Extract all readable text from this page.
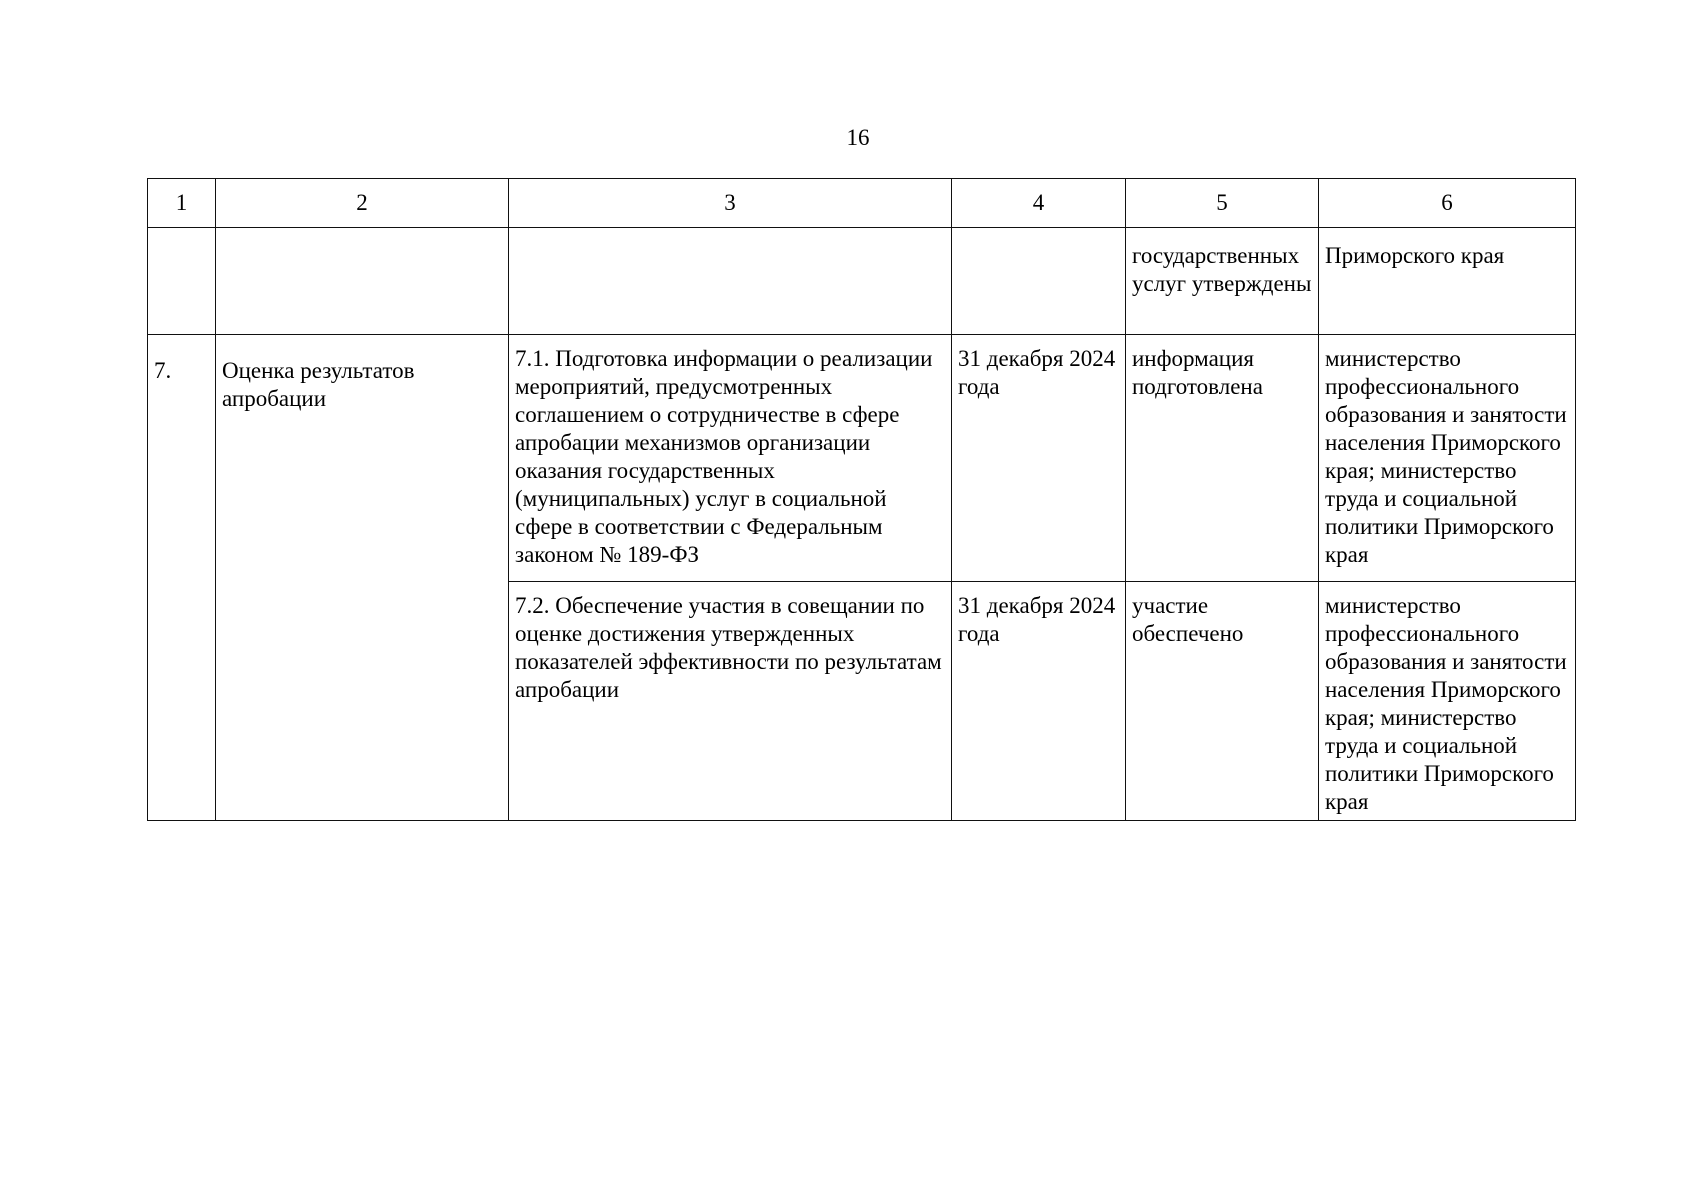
16
1	2	3	4	5	6
				государственных услуг утверждены	Приморского края
7.	Оценка результатов апробации	7.1. Подготовка информации о реализации мероприятий, предусмотренных соглашением о сотрудничестве в сфере апробации механизмов организации оказания государственных (муниципальных) услуг в социальной сфере в соответствии с Федеральным законом № 189-ФЗ	31 декабря 2024 года	информация подготовлена	министерство профессионального образования и занятости населения Приморского края; министерство труда и социальной политики Приморского края
		7.2. Обеспечение участия в совещании по оценке достижения утвержденных показателей эффективности по результатам апробации	31 декабря 2024 года	участие обеспечено	министерство профессионального образования и занятости населения Приморского края; министерство труда и социальной политики Приморского края
